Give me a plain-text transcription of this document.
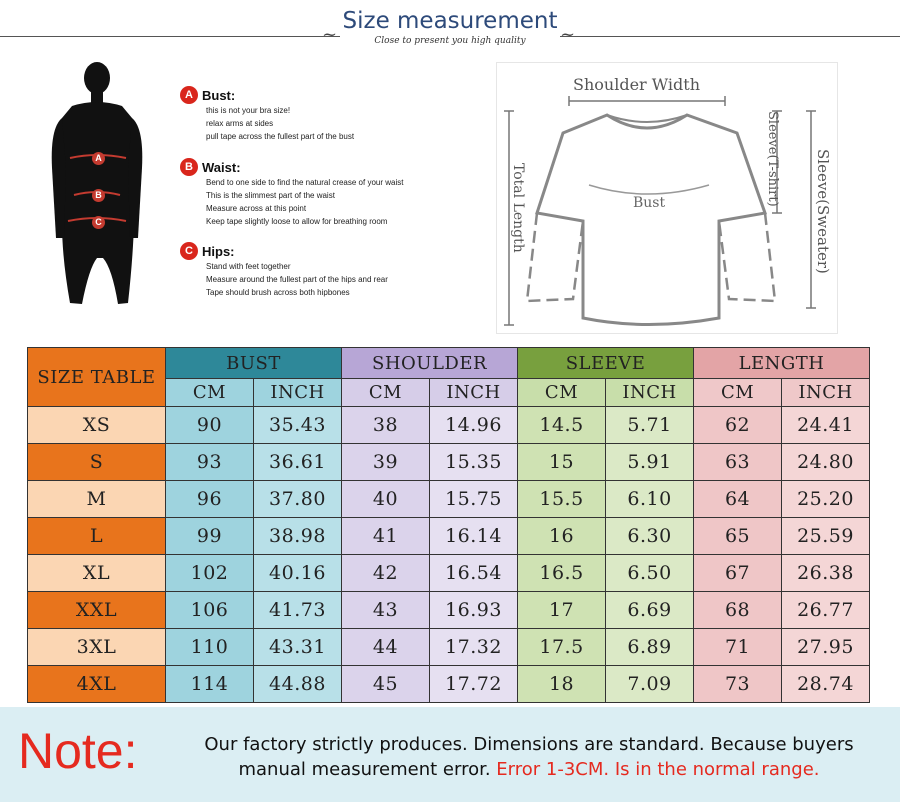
~	~
Size measurement
Close to present you high quality
A
B
C
A Bust:
this is not your bra size!
relax arms at sides
pull tape across the fullest part of the bust
B Waist:
Bend to one side to find the natural crease of your waist
This is the slimmest part of the waist
Measure across at this point
Keep tape slightly loose to allow for breathing room
C Hips:
Stand with feet together
Measure around the fullest part of the hips and rear
Tape should brush across both hipbones
Shoulder Width
Total Length	Bust	Sleeve(T-shirt) Sleeve(Sweater)
SIZE TABLE	BUST		SHOULDER		SLEEVE		LENGTH	
	CM	INCH	CM	INCH	CM	INCH	CM	INCH
XS	90	35.43	38	14.96	14.5	5.71	62	24.41
S	93	36.61	39	15.35	15	5.91	63	24.80
M	96	37.80	40	15.75	15.5	6.10	64	25.20
L	99	38.98	41	16.14	16	6.30	65	25.59
XL	102	40.16	42	16.54	16.5	6.50	67	26.38
XXL	106	41.73	43	16.93	17	6.69	68	26.77
3XL	110	43.31	44	17.32	17.5	6.89	71	27.95
4XL	114	44.88	45	17.72	18	7.09	73	28.74
Note:	Our factory strictly produces. Dimensions are standard. Because buyers manual measurement error. Error 1-3CM. Is in the normal range.
